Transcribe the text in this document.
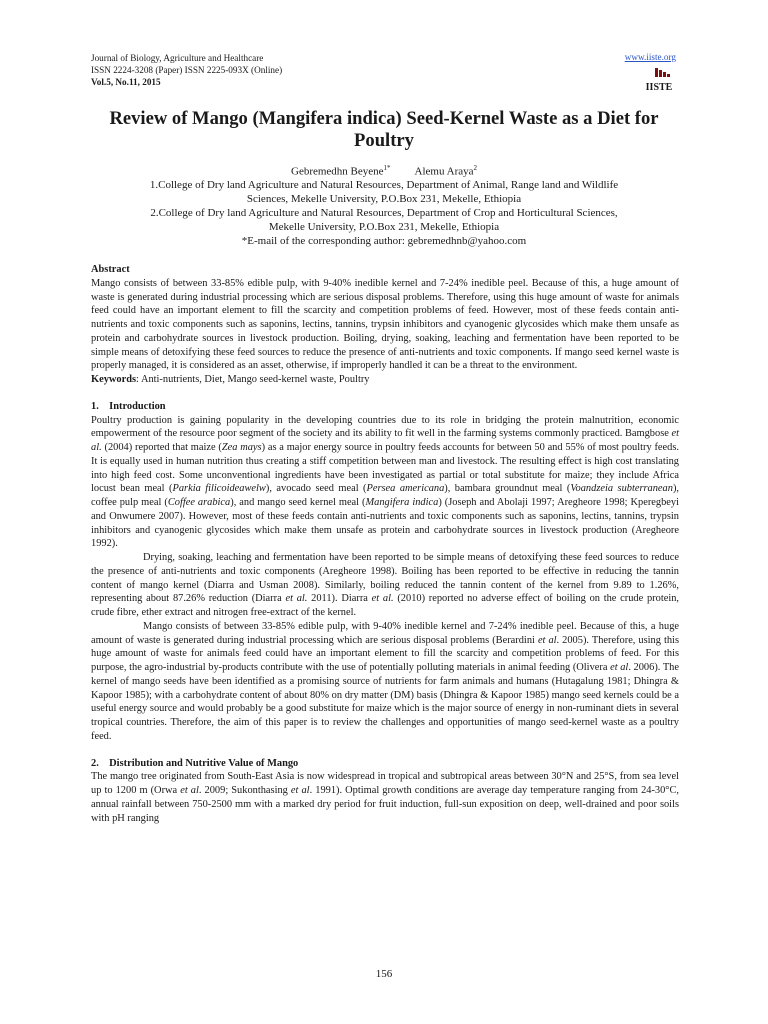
Journal of Biology, Agriculture and Healthcare
ISSN 2224-3208 (Paper) ISSN 2225-093X (Online)
Vol.5, No.11, 2015
www.iiste.org
IISTE
Review of Mango (Mangifera indica) Seed-Kernel Waste as a Diet for Poultry
Gebremedhn Beyene$^{1*}$ Alemu Araya$^2$
1.College of Dry land Agriculture and Natural Resources, Department of Animal, Range land and Wildlife
Sciences, Mekelle University, P.O.Box 231, Mekelle, Ethiopia
2.College of Dry land Agriculture and Natural Resources, Department of Crop and Horticultural Sciences,
Mekelle University, P.O.Box 231, Mekelle, Ethiopia
*E-mail of the corresponding author: gebremedhnb@yahoo.com

Abstract

Mango consists of between 33-85% edible pulp, with 9-40% inedible kernel and 7-24% inedible peel. Because of this, a huge amount of waste is generated during industrial processing which are serious disposal problems. Therefore, using this huge amount of waste for animals feed could have an important element to fill the scarcity and competition problems of feed. However, most of these feeds contain anti-nutrients and toxic components such as saponins, lectins, tannins, trypsin inhibitors and cyanogenic glycosides which make them unsafe as protein and carbohydrate sources in livestock production. Boiling, drying, soaking, leaching and fermentation have been reported to be simple means of detoxifying these feed sources to reduce the presence of anti-nutrients and toxic components. If mango seed kernel waste is properly managed, it is considered as an asset, otherwise, if improperly handled it can be a threat to the environment.

Keywords: Anti-nutrients, Diet, Mango seed-kernel waste, Poultry

1.    Introduction

Poultry production is gaining popularity in the developing countries due to its role in bridging the protein malnutrition, economic empowerment of the resource poor segment of the society and its ability to fit well in the farming systems commonly practiced. Bamgbose et al. (2004) reported that maize (Zea mays) as a major energy source in poultry feeds accounts for between 50 and 55% of most poultry feeds. It is equally used in human nutrition thus creating a stiff competition between man and livestock. The resulting effect is high cost translating into high feed cost. Some unconventional ingredients have been investigated as partial or total substitute for maize; they include Africa locust bean meal (Parkia filicoideawelw), avocado seed meal (Persea americana), bambara groundnut meal (Voandzeia subterranean), coffee pulp meal (Coffee arabica), and mango seed kernel meal (Mangifera indica) (Joseph and Abolaji 1997; Aregheore 1998; Kperegbeyi and Onwumere 2007). However, most of these feeds contain anti-nutrients and toxic components such as saponins, lectins, tannins, trypsin inhibitors and cyanogenic glycosides which make them unsafe as protein and carbohydrate sources in livestock production (Aregheore 1992).

Drying, soaking, leaching and fermentation have been reported to be simple means of detoxifying these feed sources to reduce the presence of anti-nutrients and toxic components (Aregheore 1998). Boiling has been reported to be effective in reducing the tannin content of mango kernel (Diarra and Usman 2008). Similarly, boiling reduced the tannin content of the kernel from 9.89 to 1.26%, representing about 87.26% reduction (Diarra et al. 2011). Diarra et al. (2010) reported no adverse effect of boiling on the crude protein, crude fibre, ether extract and nitrogen free-extract of the kernel.

Mango consists of between 33-85% edible pulp, with 9-40% inedible kernel and 7-24% inedible peel. Because of this, a huge amount of waste is generated during industrial processing which are serious disposal problems (Berardini et al. 2005). Therefore, using this huge amount of waste for animals feed could have an important element to fill the scarcity and competition problems of feed. For this purpose, the agro-industrial by-products contribute with the use of potentially polluting materials in animal feeding (Olivera et al. 2006). The kernel of mango seeds have been identified as a promising source of nutrients for farm animals and humans (Hutagalung 1981; Dhingra & Kapoor 1985); with a carbohydrate content of about 80% on dry matter (DM) basis (Dhingra & Kapoor 1985) mango seed kernels could be a useful energy source and would probably be a good substitute for maize which is the major source of energy in non-ruminant diets in several tropical countries. Therefore, the aim of this paper is to review the challenges and opportunities of mango seed-kernel waste as a poultry feed.

2.    Distribution and Nutritive Value of Mango

The mango tree originated from South-East Asia is now widespread in tropical and subtropical areas between 30°N and 25°S, from sea level up to 1200 m (Orwa et al. 2009; Sukonthasing et al. 1991). Optimal growth conditions are average day temperature ranging from 24-30°C, annual rainfall between 750-2500 mm with a marked dry period for fruit induction, full-sun exposition on deep, well-drained and poor soils with pH ranging

156
